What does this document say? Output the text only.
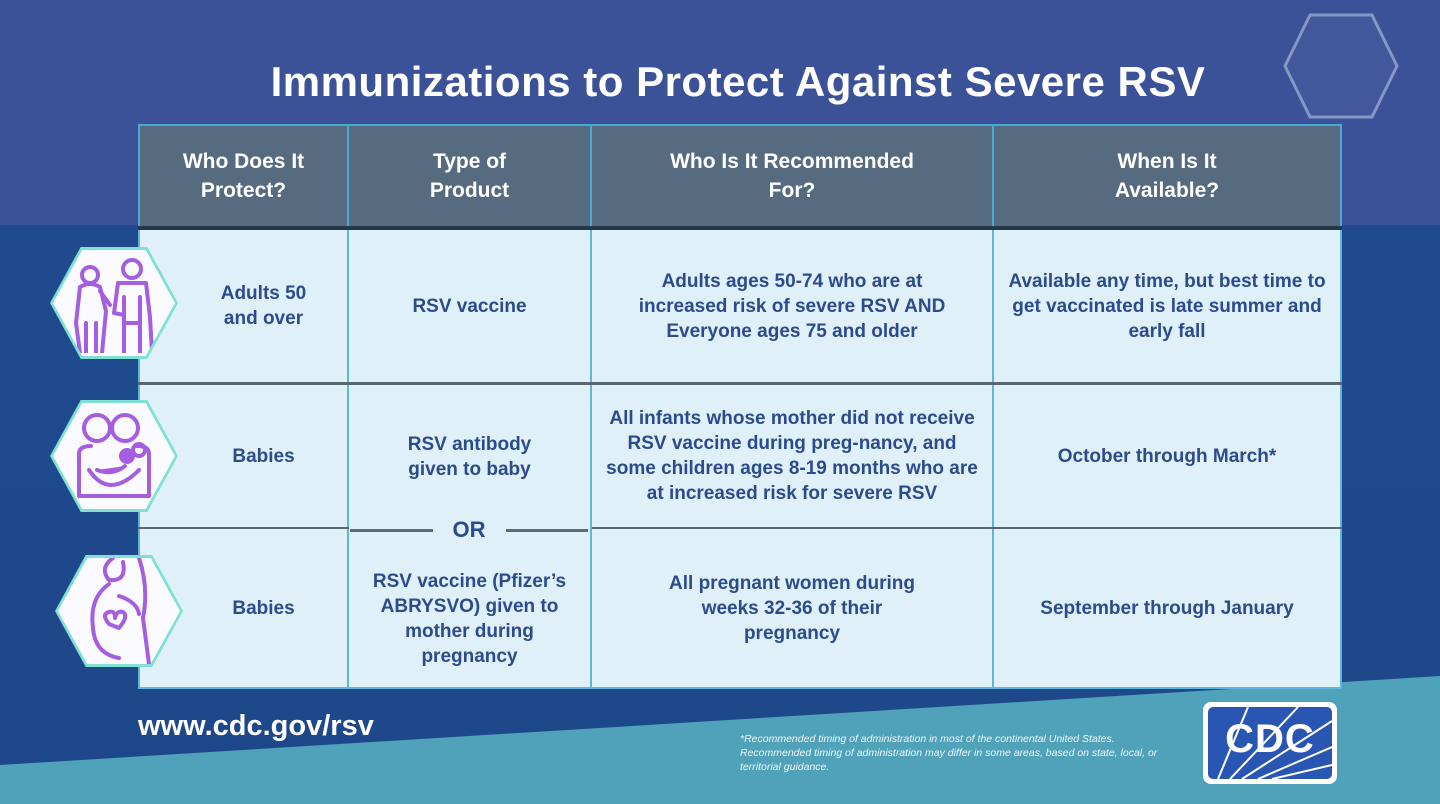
Immunizations to Protect Against Severe RSV
Who Does It Protect?	Type of Product	Who Is It Recommended For?	When Is It Available?

Adults 50 and over	RSV vaccine	Adults ages 50-74 who are at increased risk of severe RSV AND Everyone ages 75 and older	Available any time, but best time to get vaccinated is late summer and early fall

Babies	RSV antibody given to baby	All infants whose mother did not receive RSV vaccine during preg-nancy, and some children ages 8-19 months who are at increased risk for severe RSV	October through March*

Babies	RSV vaccine (Pfizer’s ABRYSVO) given to mother during pregnancy	All pregnant women during weeks 32-36 of their pregnancy	September through January
OR
www.cdc.gov/rsv	*Recommended timing of administration in most of the continental United States. Recommended timing of administration may differ in some areas, based on state, local, or territorial guidance.
CDC
